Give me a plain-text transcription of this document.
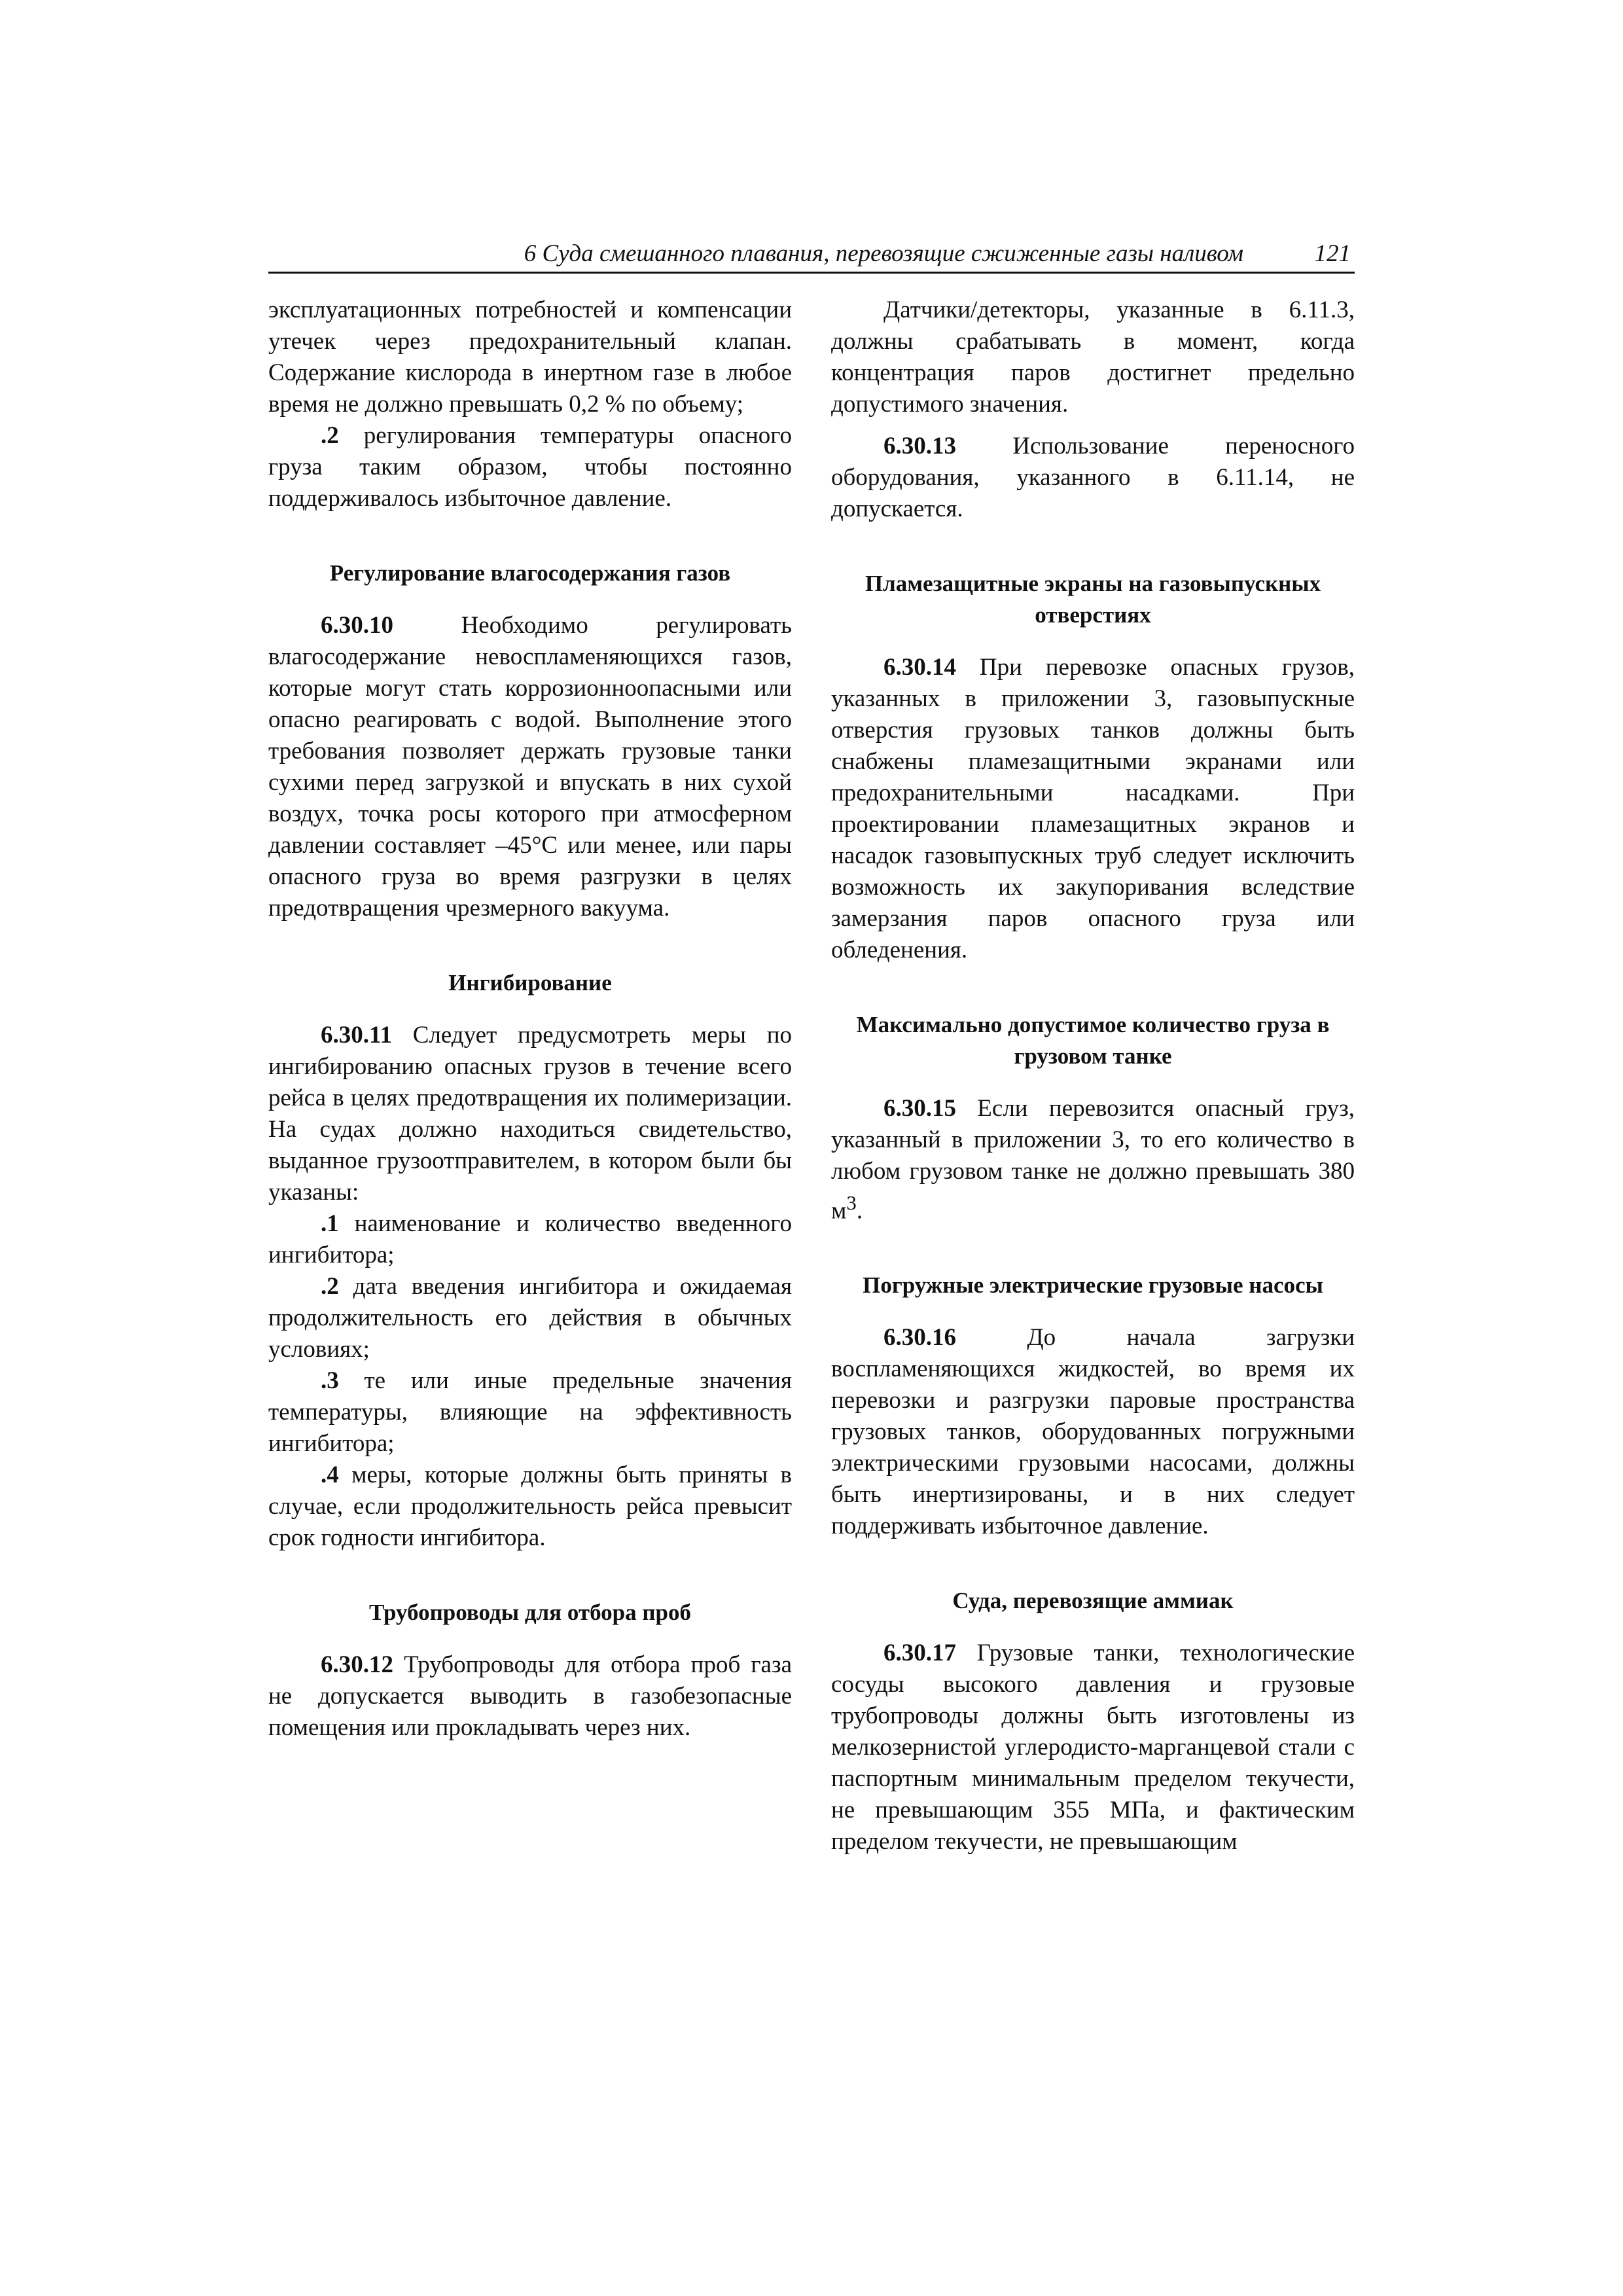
6 Суда смешанного плавания, перевозящие сжиженные газы наливом	121

эксплуатационных потребностей и компенсации утечек через предохранительный клапан. Содержание кислорода в инертном газе в любое время не должно превышать 0,2 % по объему;

.2 регулирования температуры опасного груза таким образом, чтобы постоянно поддерживалось избыточное давление.

Регулирование влагосодержания газов

6.30.10 Необходимо регулировать влагосодержание невоспламеняющихся газов, которые могут стать коррозионноопасными или опасно реагировать с водой. Выполнение этого требования позволяет держать грузовые танки сухими перед загрузкой и впускать в них сухой воздух, точка росы которого при атмосферном давлении составляет –45°C или менее, или пары опасного груза во время разгрузки в целях предотвращения чрезмерного вакуума.

Ингибирование

6.30.11 Следует предусмотреть меры по ингибированию опасных грузов в течение всего рейса в целях предотвращения их полимеризации. На судах должно находиться свидетельство, выданное грузоотправителем, в котором были бы указаны:

.1 наименование и количество введенного ингибитора;

.2 дата введения ингибитора и ожидаемая продолжительность его действия в обычных условиях;

.3 те или иные предельные значения температуры, влияющие на эффективность ингибитора;

.4 меры, которые должны быть приняты в случае, если продолжительность рейса превысит срок годности ингибитора.

Трубопроводы для отбора проб

6.30.12 Трубопроводы для отбора проб газа не допускается выводить в газобезопасные помещения или прокладывать через них.

Датчики/детекторы, указанные в 6.11.3, должны срабатывать в момент, когда концентрация паров достигнет предельно допустимого значения.

6.30.13 Использование переносного оборудования, указанного в 6.11.14, не допускается.

Пламезащитные экраны на газовыпускных отверстиях

6.30.14 При перевозке опасных грузов, указанных в приложении 3, газовыпускные отверстия грузовых танков должны быть снабжены пламезащитными экранами или предохранительными насадками. При проектировании пламезащитных экранов и насадок газовыпускных труб следует исключить возможность их закупоривания вследствие замерзания паров опасного груза или обледенения.

Максимально допустимое количество груза в грузовом танке

6.30.15 Если перевозится опасный груз, указанный в приложении 3, то его количество в любом грузовом танке не должно превышать 380 $м^3$.

Погружные электрические грузовые насосы

6.30.16 До начала загрузки воспламеняющихся жидкостей, во время их перевозки и разгрузки паровые пространства грузовых танков, оборудованных погружными электрическими грузовыми насосами, должны быть инертизированы, и в них следует поддерживать избыточное давление.

Суда, перевозящие аммиак

6.30.17 Грузовые танки, технологические сосуды высокого давления и грузовые трубопроводы должны быть изготовлены из мелкозернистой углеродисто-марганцевой стали с паспортным минимальным пределом текучести, не превышающим 355 МПа, и фактическим пределом текучести, не превышающим
